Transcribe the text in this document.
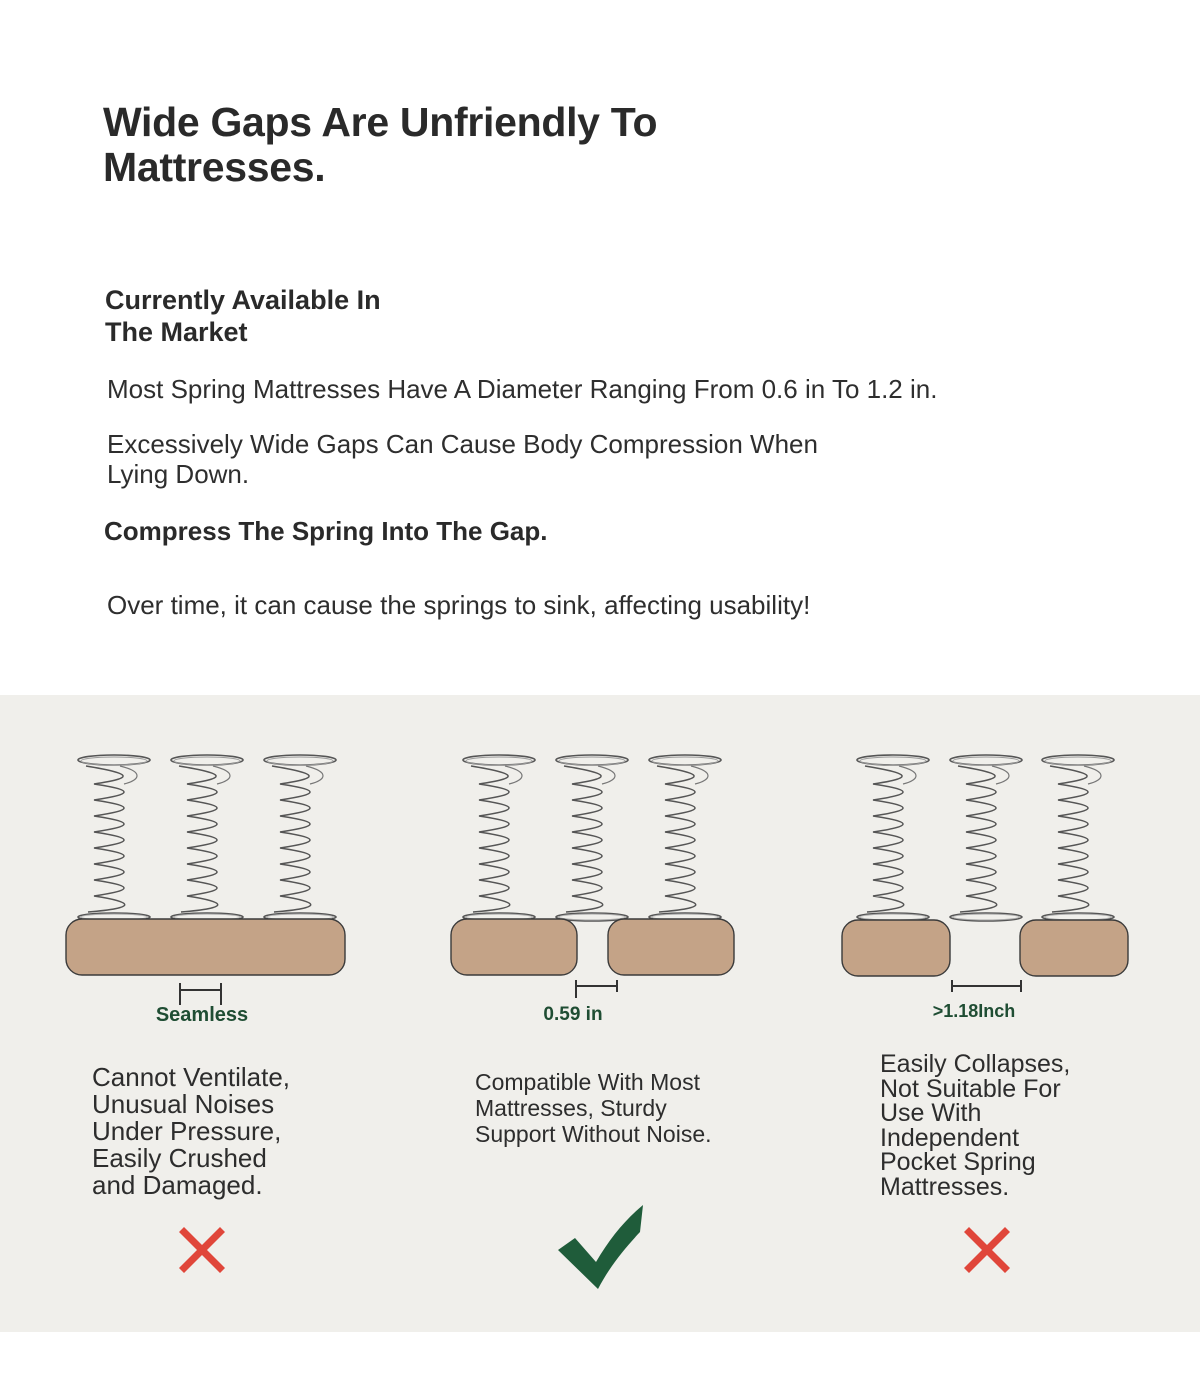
Wide Gaps Are Unfriendly To
Mattresses.
Currently Available In
The Market
Most Spring Mattresses Have A Diameter Ranging From 0.6 in To 1.2 in.
Excessively Wide Gaps Can Cause Body Compression When
Lying Down.
Compress The Spring Into The Gap.
Over time, it can cause the springs to sink, affecting usability!
Seamless	0.59 in	>1.18Inch
Cannot Ventilate,
Unusual Noises
Under Pressure,
Easily Crushed
and Damaged.
Compatible With Most
Mattresses, Sturdy
Support Without Noise.
Easily Collapses,
Not Suitable For
Use With
Independent
Pocket Spring
Mattresses.
